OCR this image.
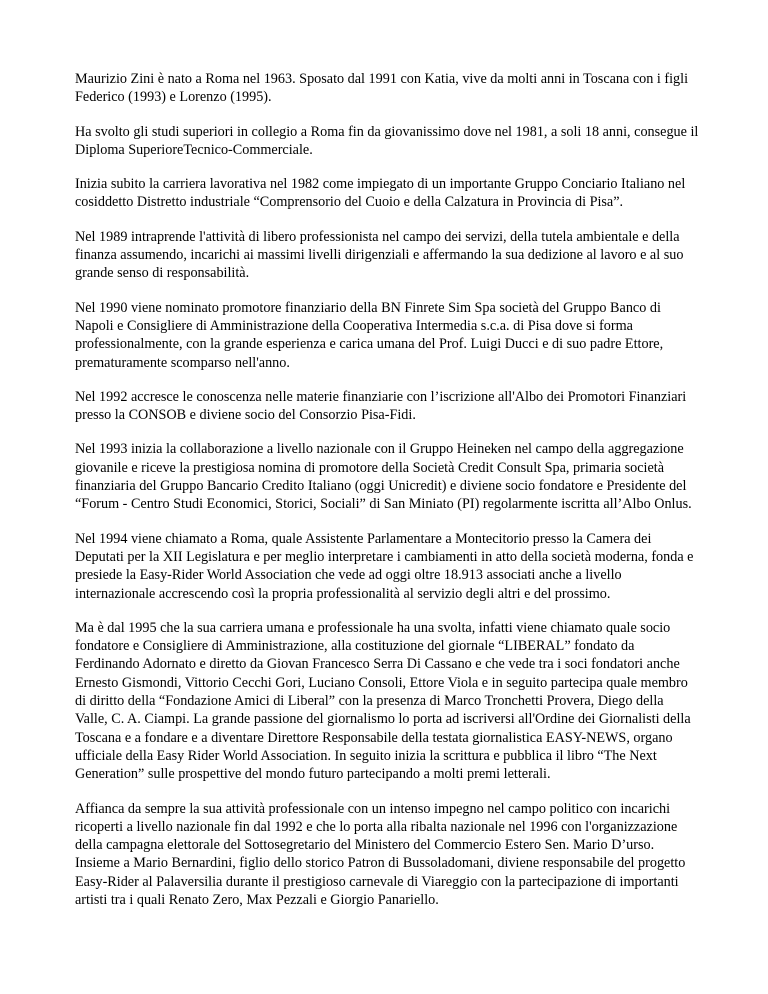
Maurizio Zini è nato a Roma nel 1963. Sposato dal 1991 con Katia, vive da molti anni in Toscana con i figli Federico (1993) e Lorenzo (1995).

Ha svolto gli studi superiori in collegio a Roma fin da giovanissimo dove nel 1981, a soli 18 anni, consegue il Diploma SuperioreTecnico-Commerciale.

Inizia subito la carriera lavorativa nel 1982 come impiegato di un importante Gruppo Conciario Italiano nel cosiddetto Distretto industriale “Comprensorio del Cuoio e della Calzatura in Provincia di Pisa”.

Nel 1989 intraprende l'attività di libero professionista nel campo dei servizi, della tutela ambientale e della finanza assumendo, incarichi ai massimi livelli dirigenziali e affermando la sua dedizione al lavoro e al suo grande senso di responsabilità.

Nel 1990 viene nominato promotore finanziario della BN Finrete Sim Spa società del Gruppo Banco di Napoli e Consigliere di Amministrazione della Cooperativa Intermedia s.c.a. di Pisa dove si forma professionalmente, con la grande esperienza e carica umana del Prof. Luigi Ducci e di suo padre Ettore, prematuramente scomparso nell'anno.

Nel 1992 accresce le conoscenza nelle materie finanziarie con l’iscrizione all'Albo dei Promotori Finanziari presso la CONSOB e diviene socio del Consorzio Pisa-Fidi.

Nel 1993 inizia la collaborazione a livello nazionale con il Gruppo Heineken nel campo della aggregazione giovanile e riceve la prestigiosa nomina di promotore della Società Credit Consult Spa, primaria società finanziaria del Gruppo Bancario Credito Italiano (oggi Unicredit) e diviene socio fondatore e Presidente del “Forum - Centro Studi Economici, Storici, Sociali” di San Miniato (PI) regolarmente iscritta all’Albo Onlus.

Nel 1994 viene chiamato a Roma, quale Assistente Parlamentare a Montecitorio presso la Camera dei Deputati per la XII Legislatura e per meglio interpretare i cambiamenti in atto della società moderna, fonda e presiede la Easy-Rider World Association che vede ad oggi oltre 18.913 associati anche a livello internazionale accrescendo così la propria professionalità al servizio degli altri e del prossimo.

Ma è dal 1995 che la sua carriera umana e professionale ha una svolta, infatti viene chiamato quale socio fondatore e Consigliere di Amministrazione, alla costituzione del giornale “LIBERAL” fondato da Ferdinando Adornato e diretto da Giovan Francesco Serra Di Cassano e che vede tra i soci fondatori anche Ernesto Gismondi, Vittorio Cecchi Gori, Luciano Consoli, Ettore Viola e in seguito partecipa quale membro di diritto della “Fondazione Amici di Liberal” con la presenza di Marco Tronchetti Provera, Diego della Valle, C. A. Ciampi. La grande passione del giornalismo lo porta ad iscriversi all'Ordine dei Giornalisti della Toscana e a fondare e a diventare Direttore Responsabile della testata giornalistica EASY-NEWS, organo ufficiale della Easy Rider World Association. In seguito inizia la scrittura e pubblica il libro “The Next Generation” sulle prospettive del mondo futuro partecipando a molti premi letterali.

Affianca da sempre la sua attività professionale con un intenso impegno nel campo politico con incarichi ricoperti a livello nazionale fin dal 1992 e che lo porta alla ribalta nazionale nel 1996 con l'organizzazione della campagna elettorale del Sottosegretario del Ministero del Commercio Estero Sen. Mario D’urso. Insieme a Mario Bernardini, figlio dello storico Patron di Bussoladomani, diviene responsabile del progetto Easy-Rider al Palaversilia durante il prestigioso carnevale di Viareggio con la partecipazione di importanti artisti tra i quali Renato Zero, Max Pezzali e Giorgio Panariello.
